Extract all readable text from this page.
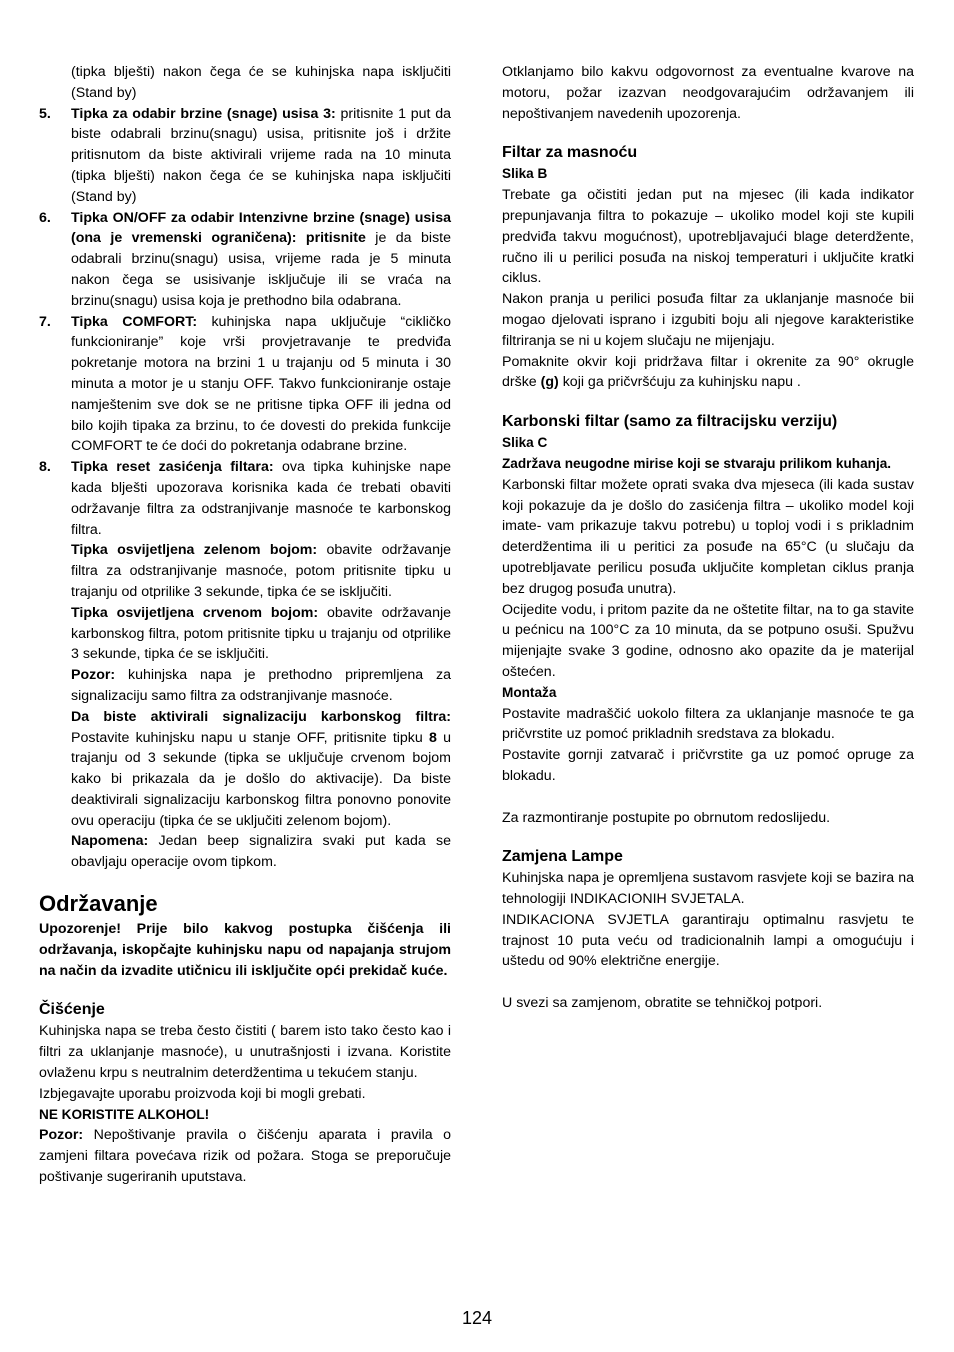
(tipka blješti) nakon čega će se kuhinjska napa isključiti (Stand by)

5. Tipka za odabir brzine (snage) usisa 3: pritisnite 1 put da biste odabrali brzinu(snagu) usisa, pritisnite još i držite pritisnutom da biste aktivirali vrijeme rada na 10 minuta (tipka blješti) nakon čega će se kuhinjska napa isključiti (Stand by)

6. Tipka ON/OFF za odabir Intenzivne brzine (snage) usisa (ona je vremenski ograničena): pritisnite je da biste odabrali brzinu(snagu) usisa, vrijeme rada je 5 minuta nakon čega se usisivanje isključuje ili se vraća na brzinu(snagu) usisa koja je prethodno bila odabrana.

7. Tipka COMFORT: kuhinjska napa uključuje “cikličko funkcioniranje” koje vrši provjetravanje te predviđa pokretanje motora na brzini 1 u trajanju od 5 minuta i 30 minuta a motor je u stanju OFF. Takvo funkcioniranje ostaje namještenim sve dok se ne pritisne tipka OFF ili jedna od bilo kojih tipaka za brzinu, to će dovesti do prekida funkcije COMFORT te će doći do pokretanja odabrane brzine.

8. Tipka reset zasićenja filtara: ova tipka kuhinjske nape kada blješti upozorava korisnika kada će trebati obaviti održavanje filtra za odstranjivanje masnoće te karbonskog filtra.

Tipka osvijetljena zelenom bojom: obavite održavanje filtra za odstranjivanje masnoće, potom pritisnite tipku u trajanju od otprilike 3 sekunde, tipka će se isključiti.

Tipka osvijetljena crvenom bojom: obavite održavanje karbonskog filtra, potom pritisnite tipku u trajanju od otprilike 3 sekunde, tipka će se isključiti.

Pozor: kuhinjska napa je prethodno pripremljena za signalizaciju samo filtra za odstranjivanje masnoće.

Da biste aktivirali signalizaciju karbonskog filtra: Postavite kuhinjsku napu u stanje OFF, pritisnite tipku 8 u trajanju od 3 sekunde (tipka se uključuje crvenom bojom kako bi prikazala da je došlo do aktivacije). Da biste deaktivirali signalizaciju karbonskog filtra ponovno ponovite ovu operaciju (tipka će se uključiti zelenom bojom).

Napomena: Jedan beep signalizira svaki put kada se obavljaju operacije ovom tipkom.

Održavanje

Upozorenje! Prije bilo kakvog postupka čišćenja ili održavanja, iskopčajte kuhinjsku napu od napajanja strujom na način da izvadite utičnicu ili isključite opći prekidač kuće.

Čišćenje

Kuhinjska napa se treba često čistiti ( barem isto tako često kao i filtri za uklanjanje masnoće), u unutrašnjosti i izvana. Koristite ovlaženu krpu s neutralnim deterdžentima u tekućem stanju.

Izbjegavajte uporabu proizvoda koji bi mogli grebati.

NE KORISTITE ALKOHOL!

Pozor: Nepoštivanje pravila o čišćenju aparata i pravila o zamjeni filtara povećava rizik od požara. Stoga se preporučuje poštivanje sugeriranih uputstava.

Otklanjamo bilo kakvu odgovornost za eventualne kvarove na motoru, požar izazvan neodgovarajućim održavanjem ili nepoštivanjem navedenih upozorenja.

Filtar za masnoću

Slika B

Trebate ga očistiti jedan put na mjesec (ili kada indikator prepunjavanja filtra to pokazuje – ukoliko model koji ste kupili predviđa takvu mogućnost), upotrebljavajući blage deterdžente, ručno ili u perilici posuđa na niskoj temperaturi i uključite kratki ciklus.

Nakon pranja u perilici posuđa filtar za uklanjanje masnoće bii mogao djelovati isprano i izgubiti boju ali njegove karakteristike filtriranja se ni u kojem slučaju ne mijenjaju.

Pomaknite okvir koji pridržava filtar i okrenite za 90° okrugle drške (g) koji ga pričvršćuju za kuhinjsku napu .

Karbonski filtar (samo za filtracijsku verziju)

Slika C

Zadržava neugodne mirise koji se stvaraju prilikom kuhanja.

Karbonski filtar možete oprati svaka dva mjeseca (ili kada sustav koji pokazuje da je došlo do zasićenja filtra – ukoliko model koji imate- vam prikazuje takvu potrebu) u toploj vodi i s prikladnim deterdžentima ili u peritici za posuđe na 65°C (u slučaju da upotrebljavate perilicu posuđa uključite kompletan ciklus pranja bez drugog posuđa unutra).

Ocijedite vodu, i pritom pazite da ne oštetite filtar, na to ga stavite u pećnicu na 100°C za 10 minuta, da se potpuno osuši. Spužvu mijenjajte svake 3 godine, odnosno ako opazite da je materijal oštećen.

Montaža

Postavite madraščić uokolo filtera za uklanjanje masnoće te ga pričvrstite uz pomoć prikladnih sredstava za blokadu.

Postavite gornji zatvarač i pričvrstite ga uz pomoć opruge za blokadu.

Za razmontiranje postupite po obrnutom redoslijedu.

Zamjena Lampe

Kuhinjska napa je opremljena sustavom rasvjete koji se bazira na tehnologiji INDIKACIONIH SVJETALA.

INDIKACIONA SVJETLA garantiraju optimalnu rasvjetu te trajnost 10 puta veću od tradicionalnih lampi a omogućuju i uštedu od 90% električne energije.

U svezi sa zamjenom, obratite se tehničkoj potpori.

124
